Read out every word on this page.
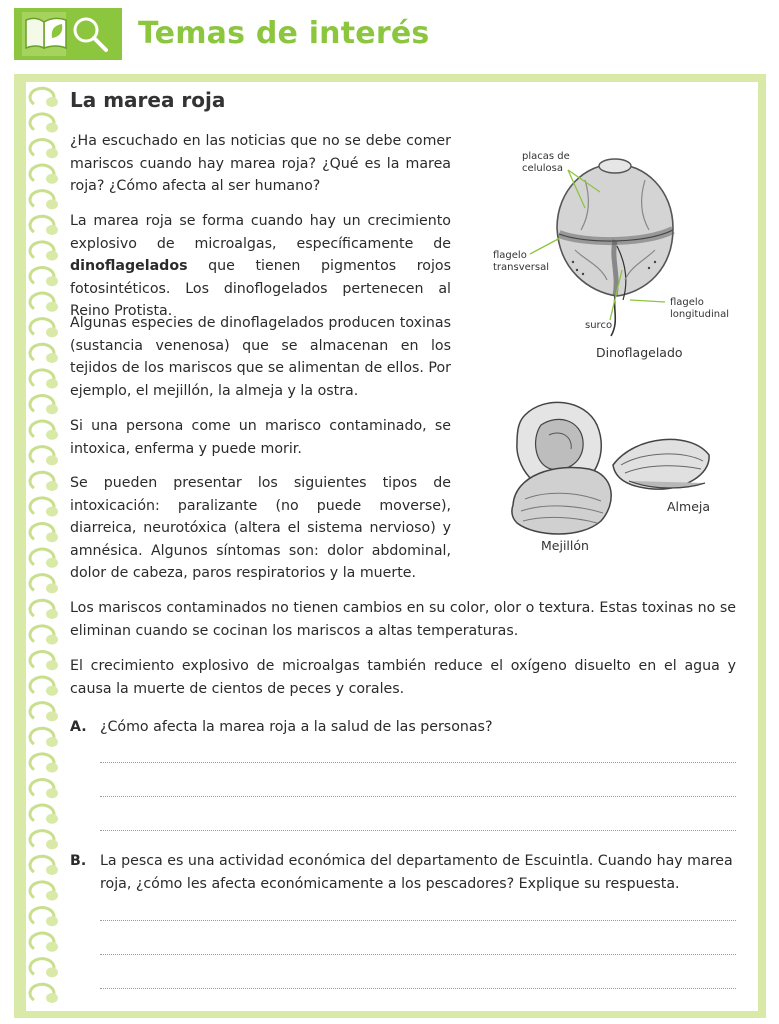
Temas de interés
La marea roja
¿Ha escuchado en las noticias que no se debe comer mariscos cuando hay marea roja? ¿Qué es la marea roja? ¿Cómo afecta al ser humano?
La marea roja se forma cuando hay un crecimiento explosivo de microalgas, específicamente de dinoflagelados que tienen pigmentos rojos fotosintéticos. Los dinoflogelados pertenecen al Reino Protista.
Algunas especies de dinoflagelados producen toxinas (sustancia venenosa) que se almacenan en los tejidos de los mariscos que se alimentan de ellos. Por ejemplo, el mejillón, la almeja y la ostra.
Si una persona come un marisco contaminado, se intoxica, enferma y puede morir.
Se pueden presentar los siguientes tipos de intoxicación: paralizante (no puede moverse), diarreica, neurotóxica (altera el sistema nervioso) y amnésica. Algunos síntomas son: dolor abdominal, dolor de cabeza, paros respiratorios y la muerte.
Los mariscos contaminados no tienen cambios en su color, olor o textura. Estas toxinas no se eliminan cuando se cocinan los mariscos a altas temperaturas.
El crecimiento explosivo de microalgas también reduce el oxígeno disuelto en el agua y causa la muerte de cientos de peces y corales.
placas de
celulosa
flagelo
transversal
flagelo
longitudinal
surco
Dinoflagelado
Almeja
Mejillón
A. ¿Cómo afecta la marea roja a la salud de las personas?
B. La pesca es una actividad económica del departamento de Escuintla. Cuando hay marea roja, ¿cómo les afecta económicamente a los pescadores? Explique su respuesta.
